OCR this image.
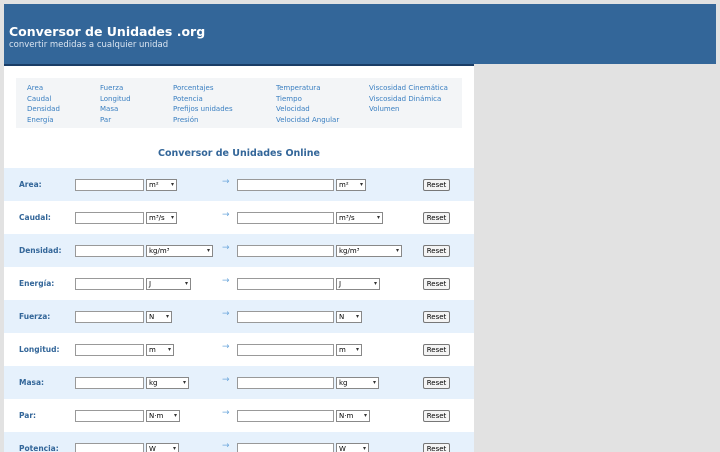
Conversor de Unidades .org
convertir medidas a cualquier unidad
Area
Caudal
Densidad
Energía
Fuerza
Longitud
Masa
Par
Porcentajes
Potencia
Prefijos unidades
Presión
Temperatura
Tiempo
Velocidad
Velocidad Angular
Viscosidad Cinemática
Viscosidad Dinámica
Volumen
Conversor de Unidades Online
Area:	m² ▾	→	m² ▾	Reset
Caudal:	m³/s ▾	→	m³/s	▾	Reset
Densidad:	kg/m³	▾ →	kg/m³	▾	Reset
Energía:	J	▾	→	J	▾	Reset
Fuerza:	N ▾	→	N ▾	Reset
Longitud:	m ▾	→	m ▾	Reset
Masa:	kg	▾	→	kg	▾	Reset
Par:	N·m ▾	→	N·m ▾	Reset
Potencia:	W	▾	→	W	▾	Reset
